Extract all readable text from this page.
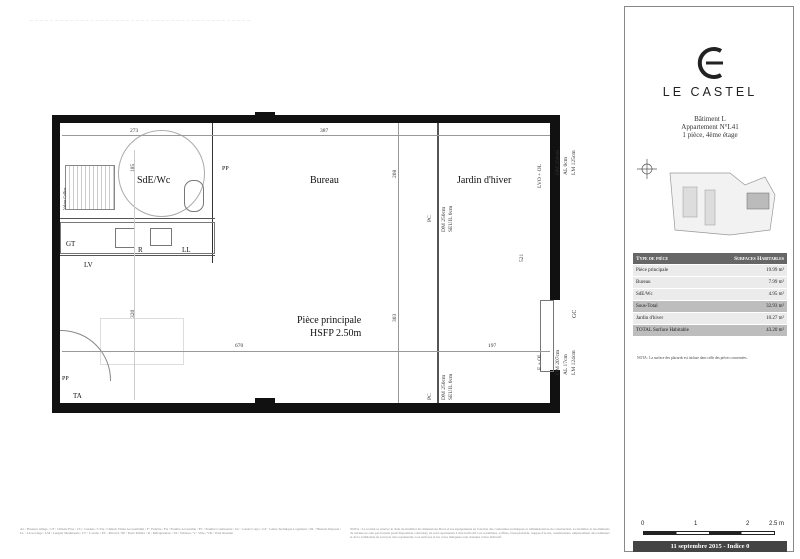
SdE/Wc	Bureau	Jardin d'hiver
Pièce principale
HSFP 2.50m
PP
GT
R	LL
LV
PP
TA
GC
PC
PC
LVO + OL
E + OL
Valeur Cellier
273	387
185
208
521
320	303
670	197
DM 250cm SEUIL 0cm
DM 250cm AL 0cm LM 125cm
DM 250cm SEUIL 0cm
DM 207cm AL 17cm LM 124cm
AL : Hauteur Allège / CF : Châssis Fixe / CU : Cuisine / CVA : Châssis Vitrée Accessibilité / F : Fenêtre / FA : Fenêtre Accessible / FC : Fenêtre Coulissante / GC : Garde Corps / GT : Gaine Technique Logement / DL : Hauteur Imposte / LL : Lave-Linge / LM : Largeur Menuiserie / LV : Lavabo / PC : Placard / PP : Porte Palière / R : Réfrigérateur / TA : Tableau / V : Vide / VR : Volet Roulant
NOTA : La société se réserve le droit de modifier les dimensions libres et les équipements en fonction des contraintes techniques et administratives de construction. Le mobilier et les éléments de cuisine ne sont pas fournis (sauf disposition contraire), ils sont représentés à titre indicatif. Les retombées, soffites, faux-plafonds, trappes d'accès, canalisations, emplacement des radiateurs et de la ventilation ne sont pas tous représentés. Les surfaces et les cotes indiquées sont données à titre indicatif.
LE CASTEL
Bâtiment L
Appartement N°L41
1 pièce, 4ème étage
Type de pièce	Surfaces Habitables
Pièce principale	19.99 m²
Bureau	7.99 m²
SdE/Wc	4.95 m²
Sous-Total	32.93 m²
Jardin d'hiver	10.27 m²
TOTAL Surface Habitable	43.20 m²
NOTA : La surface des placards est incluse dans celle des pièces concernées.
0	1	2	2.5 m
11 septembre 2015 - Indice 0
